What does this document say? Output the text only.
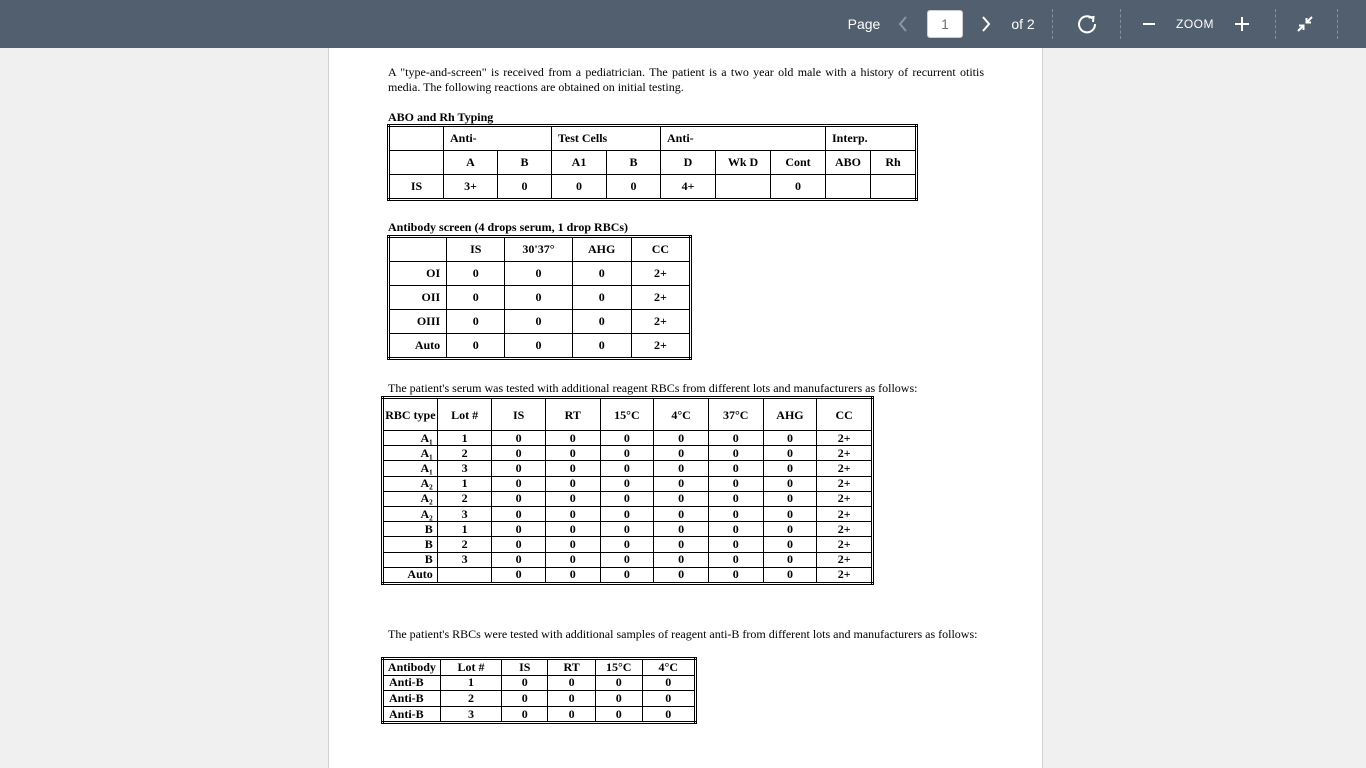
Page
1	of 2	ZOOM

A "type-and-screen" is received from a pediatrician. The patient is a two year old male with a history of recurrent otitis media. The following reactions are obtained on initial testing.

ABO and Rh Typing

	Anti-		Test Cells		Anti-			Interp.	
	A	B	A1	B	D	Wk D	Cont	ABO	Rh
IS	3+	0	0	0	4+		0		

Antibody screen (4 drops serum, 1 drop RBCs)

	IS	30'37°	AHG	CC
OI	0	0	0	2+
OII	0	0	0	2+
OIII	0	0	0	2+
Auto	0	0	0	2+

The patient's serum was tested with additional reagent RBCs from different lots and manufacturers as follows:

RBC type	Lot #	IS	RT	15°C	4°C	37°C	AHG	CC
A₁	1	0	0	0	0	0	0	2+
A₁	2	0	0	0	0	0	0	2+
A₁	3	0	0	0	0	0	0	2+
A₂	1	0	0	0	0	0	0	2+
A₂	2	0	0	0	0	0	0	2+
A₂	3	0	0	0	0	0	0	2+
B	1	0	0	0	0	0	0	2+
B	2	0	0	0	0	0	0	2+
B	3	0	0	0	0	0	0	2+
Auto		0	0	0	0	0	0	2+

The patient's RBCs were tested with additional samples of reagent anti-B from different lots and manufacturers as follows:

Antibody	Lot #	IS	RT	15°C	4°C
Anti-B	1	0	0	0	0
Anti-B	2	0	0	0	0
Anti-B	3	0	0	0	0
